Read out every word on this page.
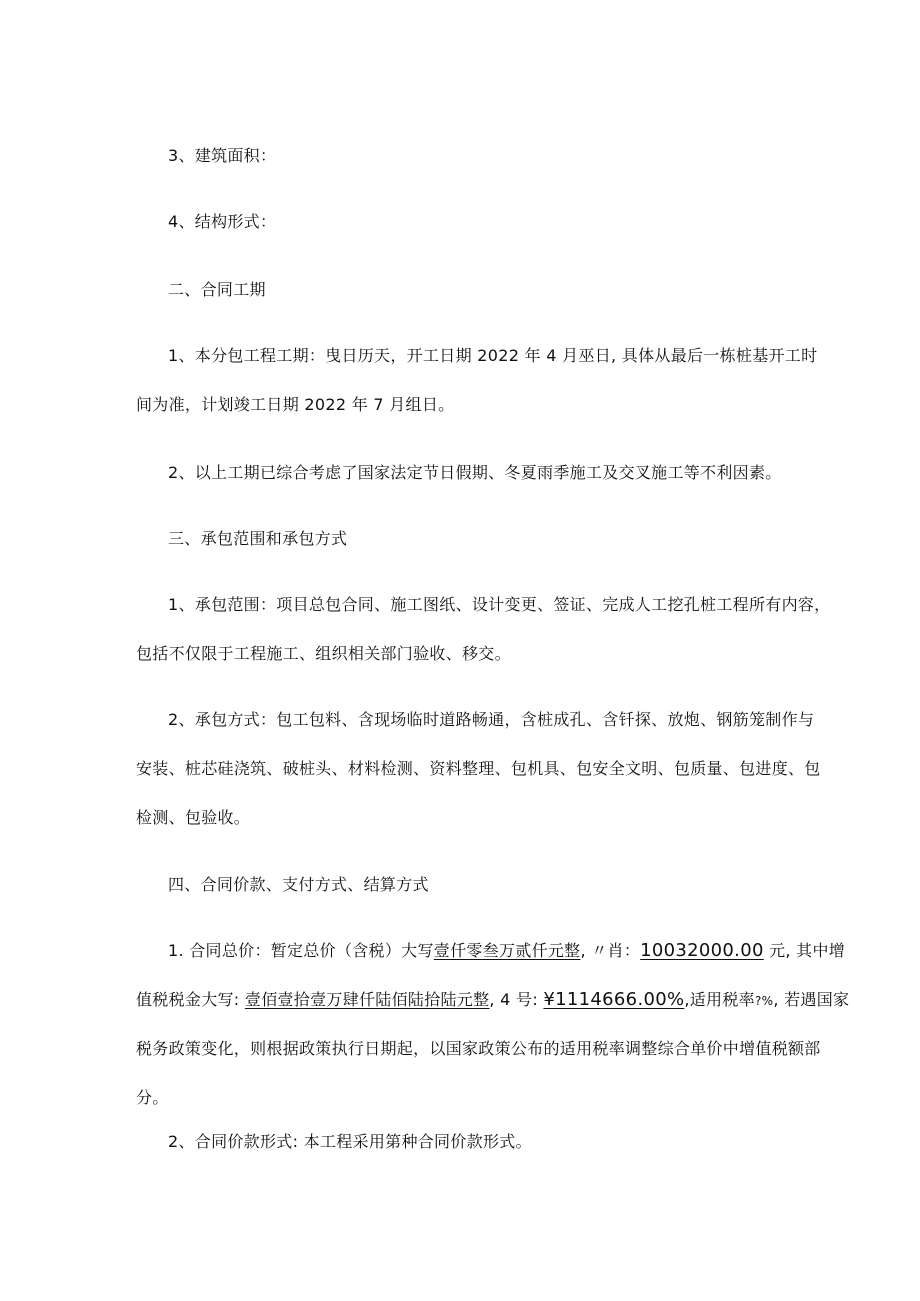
3、建筑面积：
4、结构形式：
二、合同工期
1、本分包工程工期：曳日历天，开工日期 2022 年 4 月巫日, 具体从最后一栋桩基开工时
间为准，计划竣工日期 2022 年 7 月组日。
2、以上工期已综合考虑了国家法定节日假期、冬夏雨季施工及交叉施工等不利因素。
三、承包范围和承包方式
1、承包范围：项目总包合同、施工图纸、设计变更、签证、完成人工挖孔桩工程所有内容，
包括不仅限于工程施工、组织相关部门验收、移交。
2、承包方式：包工包料、含现场临时道路畅通，含桩成孔、含钎探、放炮、钢筋笼制作与
安装、桩芯硅浇筑、破桩头、材料检测、资料整理、包机具、包安全文明、包质量、包进度、包
检测、包验收。
四、合同价款、支付方式、结算方式
1. 合同总价：暂定总价（含税）大写壹仟零叁万贰仟元整, 〃肖：10032000.00 元, 其中增
值税税金大写: 壹佰壹拾壹万肆仟陆佰陆拾陆元整, 4 号: ¥1114666.00%,适用税率?%, 若遇国家
税务政策变化，则根据政策执行日期起，以国家政策公布的适用税率调整综合单价中增值税额部
分。
2、合同价款形式: 本工程采用第种合同价款形式。
